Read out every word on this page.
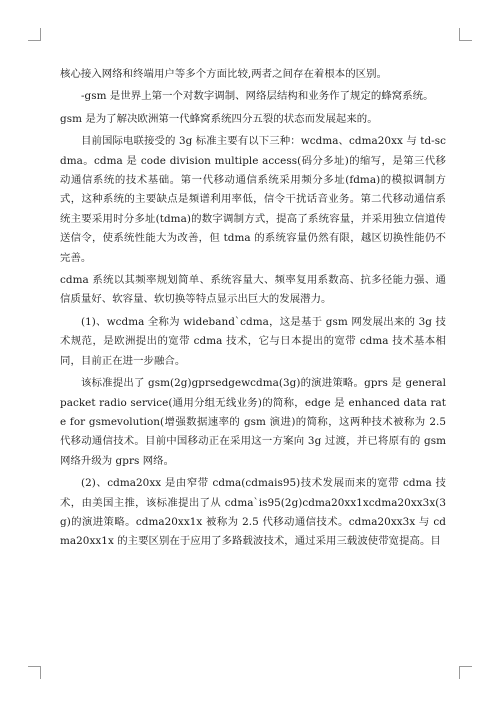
核心接入网络和终端用户等多个方面比较,两者之间存在着根本的区别。

-gsm 是世界上第一个对数字调制、网络层结构和业务作了规定的蜂窝系统。

gsm 是为了解决欧洲第一代蜂窝系统四分五裂的状态而发展起来的。

目前国际电联接受的 3g 标准主要有以下三种：wcdma、cdma20xx 与 td-scdma。cdma 是 code division multiple access(码分多址)的缩写，是第三代移动通信系统的技术基础。第一代移动通信系统采用频分多址(fdma)的模拟调制方式，这种系统的主要缺点是频谱利用率低，信令干扰话音业务。第二代移动通信系统主要采用时分多址(tdma)的数字调制方式，提高了系统容量，并采用独立信道传送信令，使系统性能大为改善，但 tdma 的系统容量仍然有限，越区切换性能仍不完善。

cdma 系统以其频率规划简单、系统容量大、频率复用系数高、抗多径能力强、通信质量好、软容量、软切换等特点显示出巨大的发展潜力。

(1)、wcdma 全称为 wideband`cdma，这是基于 gsm 网发展出来的 3g 技术规范，是欧洲提出的宽带 cdma 技术，它与日本提出的宽带 cdma 技术基本相同，目前正在进一步融合。

该标准提出了 gsm(2g)gprsedgewcdma(3g)的演进策略。gprs 是 general packet radio service(通用分组无线业务)的简称，edge 是 enhanced data rate for gsmevolution(增强数据速率的 gsm 演进)的简称，这两种技术被称为 2.5 代移动通信技术。目前中国移动正在采用这一方案向 3g 过渡，并已将原有的 gsm 网络升级为 gprs 网络。

(2)、cdma20xx 是由窄带 cdma(cdmais95)技术发展而来的宽带 cdma 技术，由美国主推，该标准提出了从 cdma`is95(2g)cdma20xx1xcdma20xx3x(3g)的演进策略。cdma20xx1x 被称为 2.5 代移动通信技术。cdma20xx3x 与 cdma20xx1x 的主要区别在于应用了多路载波技术，通过采用三载波使带宽提高。目
